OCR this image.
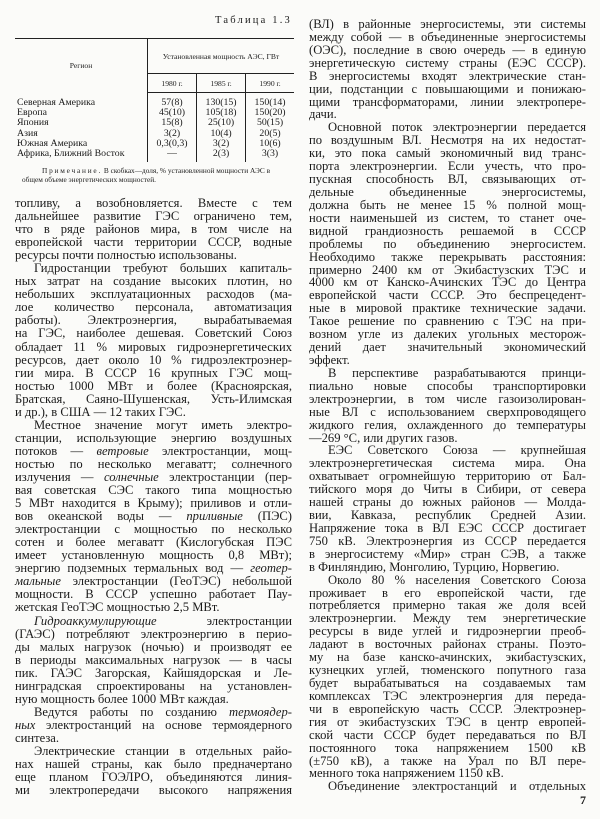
Таблица 1.3
Регион	Установленная мощность АЭС, ГВт		
	1980 г.	1985 г.	1990 г.
Северная Америка	57(8)	130(15)	150(14)
Европа	45(10)	105(18)	150(20)
Япония	15(8)	25(10)	50(15)
Азия	3(2)	10(4)	20(5)
Южная Америка	0,3(0,3)	3(2)	10(6)
Африка, Ближний Восток	—	2(3)	3(3)
Примечание. В скобках—доля, % установленной мощности АЭС в общем объеме энергетических мощностей.
топливу, а возобновляется. Вместе с тем
дальнейшее развитие ГЭС ограничено тем,
что в ряде районов мира, в том числе на
европейской части территории СССР, водные
ресурсы почти полностью использованы.
Гидростанции требуют больших капиталь-
ных затрат на создание высоких плотин, но
небольших эксплуатационных расходов (ма-
лое количество персонала, автоматизация
работы). Электроэнергия, вырабатываемая
на ГЭС, наиболее дешевая. Советский Союз
обладает 11 % мировых гидроэнергетических
ресурсов, дает около 10 % гидроэлектроэнер-
гии мира. В СССР 16 крупных ГЭС мощ-
ностью 1000 МВт и более (Красноярская,
Братская, Саяно-Шушенская, Усть-Илимская
и др.), в США — 12 таких ГЭС.
Местное значение могут иметь электро-
станции, использующие энергию воздушных
потоков — ветровые электростанции, мощ-
ностью по несколько мегаватт; солнечного
излучения — солнечные электростанции (пер-
вая советская СЭС такого типа мощностью
5 МВт находится в Крыму); приливов и отли-
вов океанской воды — приливные (ПЭС)
электростанции с мощностью по несколько
сотен и более мегаватт (Кислогубская ПЭС
имеет установленную мощность 0,8 МВт);
энергию подземных термальных вод — геотер-
мальные электростанции (ГеоТЭС) небольшой
мощности. В СССР успешно работает Пау-
жетская ГеоТЭС мощностью 2,5 МВт.
Гидроаккумулирующие электростанции
(ГАЭС) потребляют электроэнергию в перио-
ды малых нагрузок (ночью) и производят ее
в периоды максимальных нагрузок — в часы
пик. ГАЭС Загорская, Кайшядорская и Ле-
нинградская спроектированы на установлен-
ную мощность более 1000 МВт каждая.
Ведутся работы по созданию термоядер-
ных электростанций на основе термоядерного
синтеза.
Электрические станции в отдельных райо-
нах нашей страны, как было предначертано
еще планом ГОЭЛРО, объединяются линия-
ми электропередачи высокого напряжения
(ВЛ) в районные энергосистемы, эти системы
между собой — в объединенные энергосистемы
(ОЭС), последние в свою очередь — в единую
энергетическую систему страны (ЕЭС СССР).
В энергосистемы входят электрические стан-
ции, подстанции с повышающими и понижаю-
щими трансформаторами, линии электропере-
дачи.
Основной поток электроэнергии передается
по воздушным ВЛ. Несмотря на их недостат-
ки, это пока самый экономичный вид транс-
порта электроэнергии. Если учесть, что про-
пускная способность ВЛ, связывающих от-
дельные объединенные энергосистемы,
должна быть не менее 15 % полной мощ-
ности наименьшей из систем, то станет оче-
видной грандиозность решаемой в СССР
проблемы по объединению энергосистем.
Необходимо также перекрывать расстояния:
примерно 2400 км от Экибастузских ТЭС и
4000 км от Канско-Ачинских ТЭС до Центра
европейской части СССР. Это беспрецедент-
ные в мировой практике технические задачи.
Такое решение по сравнению с ТЭС на при-
возном угле из далеких угольных месторож-
дений дает значительный экономический
эффект.
В перспективе разрабатываются принци-
пиально новые способы транспортировки
электроэнергии, в том числе газоизолирован-
ные ВЛ с использованием сверхпроводящего
жидкого гелия, охлажденного до температуры
—269 °С, или других газов.
ЕЭС Советского Союза — крупнейшая
электроэнергетическая система мира. Она
охватывает огромнейшую территорию от Бал-
тийского моря до Читы в Сибири, от севера
нашей страны до южных районов — Молда-
вии, Кавказа, республик Средней Азии.
Напряжение тока в ВЛ ЕЭС СССР достигает
750 кВ. Электроэнергия из СССР передается
в энергосистему «Мир» стран СЭВ, а также
в Финляндию, Монголию, Турцию, Норвегию.
Около 80 % населения Советского Союза
проживает в его европейской части, где
потребляется примерно такая же доля всей
электроэнергии. Между тем энергетические
ресурсы в виде углей и гидроэнергии преоб-
ладают в восточных районах страны. Поэто-
му на базе канско-ачинских, экибастузских,
кузнецких углей, тюменского попутного газа
будет вырабатываться на создаваемых там
комплексах ТЭС электроэнергия для переда-
чи в европейскую часть СССР. Электроэнер-
гия от экибастузских ТЭС в центр европей-
ской части СССР будет передаваться по ВЛ
постоянного тока напряжением 1500 кВ
(±750 кВ), а также на Урал по ВЛ пере-
менного тока напряжением 1150 кВ.
Объединение электростанций и отдельных
7
